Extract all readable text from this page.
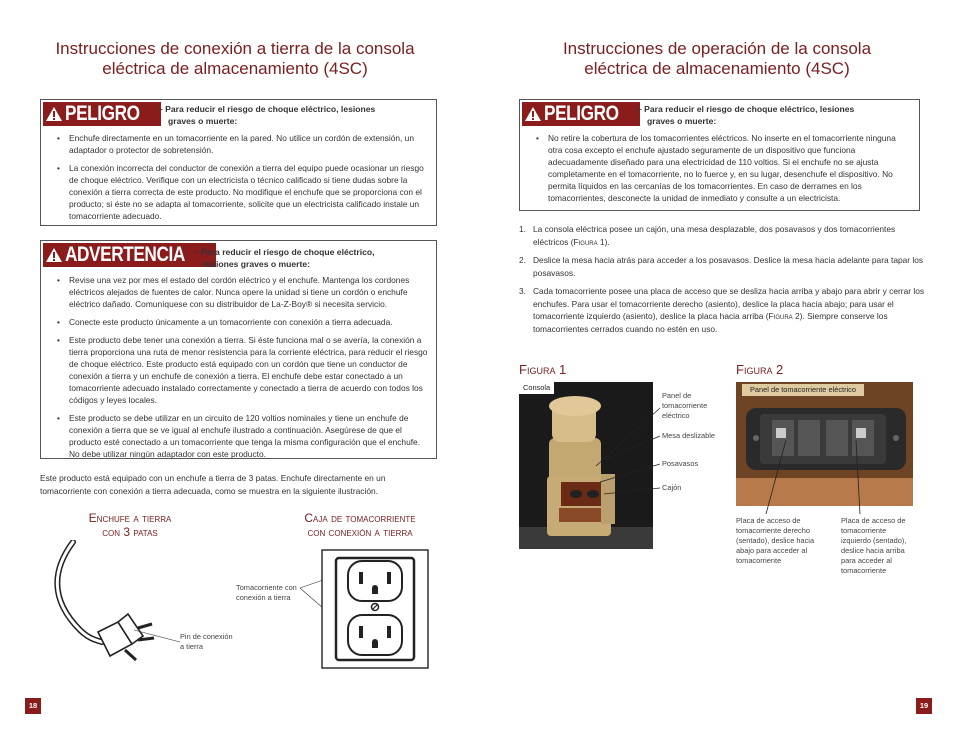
Instrucciones de conexión a tierra de la consola
eléctrica de almacenamiento (4SC)
PELIGRO – Para reducir el riesgo de choque eléctrico, lesiones
graves o muerte:
• Enchufe directamente en un tomacorriente en la pared. No utilice un cordón de extensión, un adaptador o protector de sobretensión.
• La conexión incorrecta del conductor de conexión a tierra del equipo puede ocasionar un riesgo de choque eléctrico. Verifique con un electricista o técnico calificado si tiene dudas sobre la conexión a tierra correcta de este producto. No modifique el enchufe que se proporciona con el producto; si éste no se adapta al tomacorriente, solicite que un electricista calificado instale un tomacorriente adecuado.
ADVERTENCIA – Para reducir el riesgo de choque eléctrico,
lesiones graves o muerte:
• Revise una vez por mes el estado del cordón eléctrico y el enchufe. Mantenga los cordones eléctricos alejados de fuentes de calor. Nunca opere la unidad si tiene un cordón o enchufe eléctrico dañado. Comuníquese con su distribuidor de La-Z-Boy® si necesita servicio.
• Conecte este producto únicamente a un tomacorriente con conexión a tierra adecuada.
• Este producto debe tener una conexión a tierra. Si éste funciona mal o se avería, la conexión a tierra proporciona una ruta de menor resistencia para la corriente eléctrica, para reducir el riesgo de choque eléctrico. Este producto está equipado con un cordón que tiene un conductor de conexión a tierra y un enchufe de conexión a tierra. El enchufe debe estar conectado a un tomacorriente adecuado instalado correctamente y conectado a tierra de acuerdo con todos los códigos y leyes locales.
• Este producto se debe utilizar en un circuito de 120 voltios nominales y tiene un enchufe de conexión a tierra que se ve igual al enchufe ilustrado a continuación. Asegúrese de que el producto esté conectado a un tomacorriente que tenga la misma configuración que el enchufe. No debe utilizar ningún adaptador con este producto.
Este producto está equipado con un enchufe a tierra de 3 patas. Enchufe directamente en un tomacorriente con conexión a tierra adecuada, como se muestra en la siguiente ilustración.
Enchufe a tierra
con 3 patas
Caja de tomacorriente
con conexión a tierra
Pin de conexión
a tierra
Tomacorriente con
conexión a tierra
18
Instrucciones de operación de la consola
eléctrica de almacenamiento (4SC)
PELIGRO – Para reducir el riesgo de choque eléctrico, lesiones
graves o muerte:
• No retire la cobertura de los tomacorrientes eléctricos. No inserte en el tomacorriente ninguna otra cosa excepto el enchufe ajustado seguramente de un dispositivo que funciona adecuadamente diseñado para una electricidad de 110 voltios. Si el enchufe no se ajusta completamente en el tomacorriente, no lo fuerce y, en su lugar, desenchufe el dispositivo. No permita líquidos en las cercanías de los tomacorrientes. En caso de derrames en los tomacorrientes, desconecte la unidad de inmediato y consulte a un electricista.
1. La consola eléctrica posee un cajón, una mesa desplazable, dos posavasos y dos tomacorrientes eléctricos (Figura 1).
2. Deslice la mesa hacia atrás para acceder a los posavasos. Deslice la mesa hacia adelante para tapar los posavasos.
3. Cada tomacorriente posee una placa de acceso que se desliza hacia arriba y abajo para abrir y cerrar los enchufes. Para usar el tomacorriente derecho (asiento), deslice la placa hacia abajo; para usar el tomacorriente izquierdo (asiento), deslice la placa hacia arriba (Figura 2). Siempre conserve los tomacorrientes cerrados cuando no estén en uso.
Figura 1
Consola
Panel de tomacorriente eléctrico
Mesa deslizable
Posavasos
Cajón
Figura 2
Panel de tomacorriente eléctrico
Placa de acceso de tomacorriente derecho (sentado), deslice hacia abajo para acceder al tomacorriente
Placa de acceso de tomacorriente izquierdo (sentado), deslice hacia arriba para acceder al tomacorriente
19
